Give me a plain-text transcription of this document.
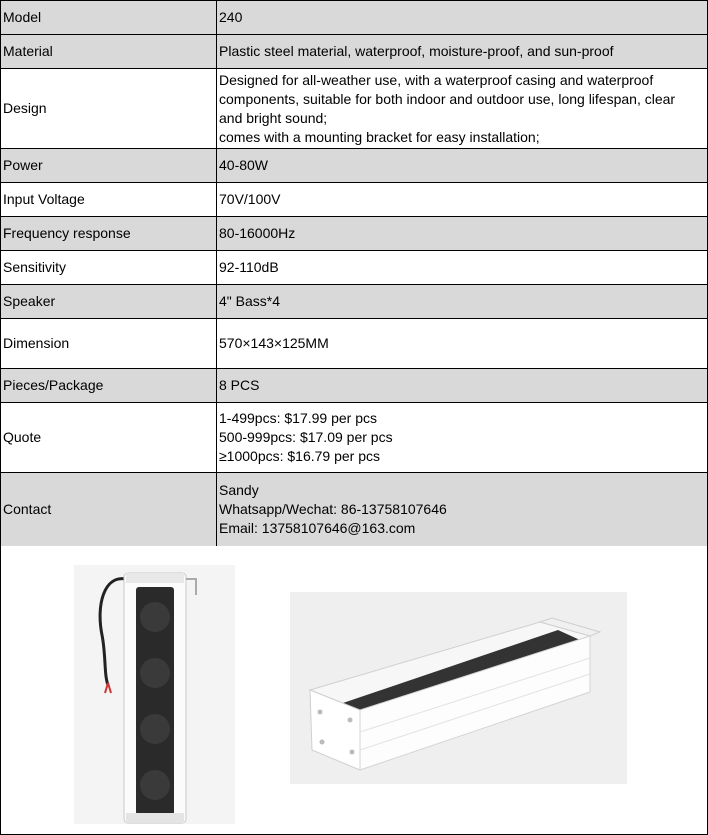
Model	240

Material	Plastic steel material, waterproof, moisture-proof, and sun-proof

Design	Designed for all-weather use, with a waterproof casing and waterproof
components, suitable for both indoor and outdoor use, long lifespan, clear
and bright sound;
comes with a mounting bracket for easy installation;

Power	40-80W

Input Voltage	70V/100V

Frequency response	80-16000Hz

Sensitivity	92-110dB

Speaker	4" Bass*4

Dimension	570×143×125MM

Pieces/Package	8 PCS

Quote	1-499pcs: $17.99 per pcs
500-999pcs: $17.09 per pcs
≥1000pcs: $16.79 per pcs

Contact	Sandy
Whatsapp/Wechat: 86-13758107646
Email: 13758107646@163.com
